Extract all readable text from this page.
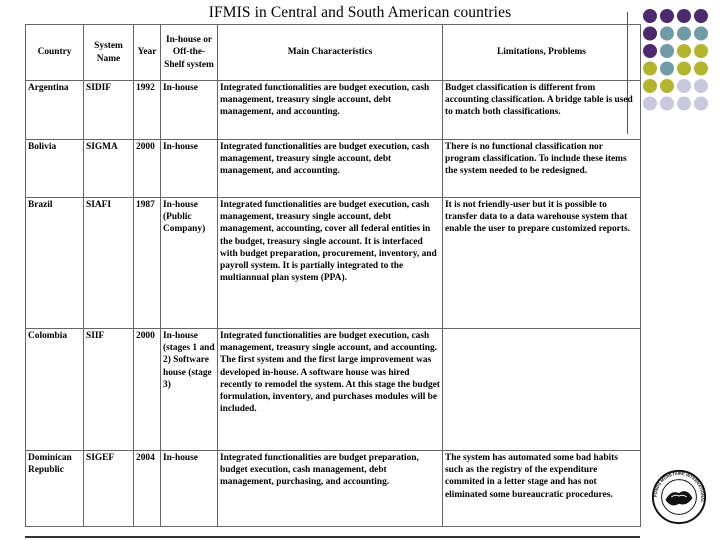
IFMIS in Central and South American countries
Country	System Name	Year	In-house or Off-the-Shelf system	Main Characteristics	Limitations, Problems
Argentina	SIDIF	1992	In-house	Integrated functionalities are budget execution, cash management, treasury single account, debt management, and accounting.	Budget classification is different from accounting classification. A bridge table is used to match both classifications.
Bolivia	SIGMA	2000	In-house	Integrated functionalities are budget execution, cash management, treasury single account, debt management, and accounting.	There is no functional classification nor program classification. To include these items the system needed to be redesigned.
Brazil	SIAFI	1987	In-house (Public Company)	Integrated functionalities are budget execution, cash management, treasury single account, debt management, accounting, cover all federal entities in the budget, treasury single account. It is interfaced with budget preparation, procurement, inventory, and payroll system. It is partially integrated to the multiannual plan system (PPA).	It is not friendly-user but it is possible to transfer data to a data warehouse system that enable the user to prepare customized reports.
Colombia	SIIF	2000	In-house (stages 1 and 2) Software house (stage 3)	Integrated functionalities are budget execution, cash management, treasury single account, and accounting. The first system and the first large improvement was developed in-house. A software house was hired recently to remodel the system. At this stage the budget formulation, inventory, and purchases modules will be included.	
Dominican Republic	SIGEF	2004	In-house	Integrated functionalities are budget preparation, budget execution, cash management, debt management, purchasing, and accounting.	The system has automated some bad habits such as the registry of the expenditure commited in a letter stage and has not eliminated some bureaucratic procedures.	FONDS MONETAIRE INTERNATIONAL
